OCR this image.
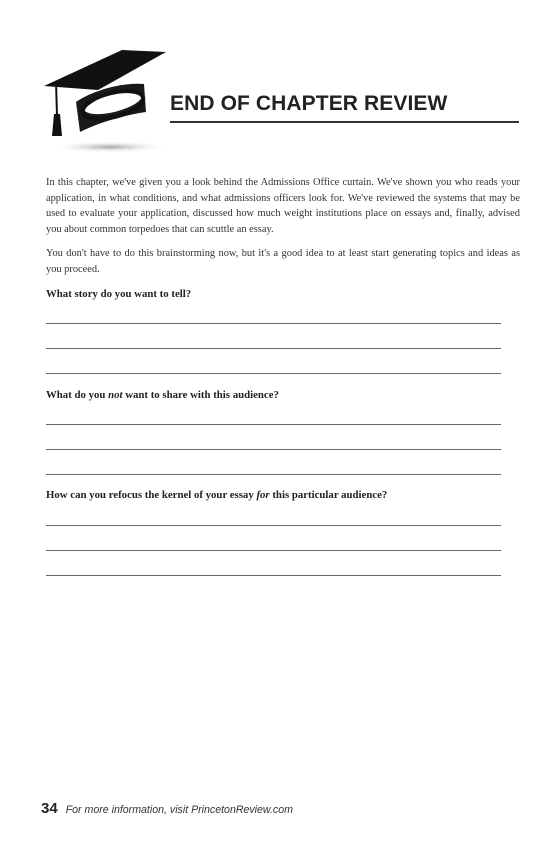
END OF CHAPTER REVIEW

In this chapter, we've given you a look behind the Admissions Office curtain. We've shown you who reads your application, in what conditions, and what admissions officers look for. We've reviewed the systems that may be used to evaluate your application, discussed how much weight institutions place on essays and, finally, advised you about common torpedoes that can scuttle an essay.

You don't have to do this brainstorming now, but it's a good idea to at least start generating topics and ideas as you proceed.

What story do you want to tell?

What do you not want to share with this audience?

How can you refocus the kernel of your essay for this particular audience?

34 For more information, visit PrincetonReview.com
